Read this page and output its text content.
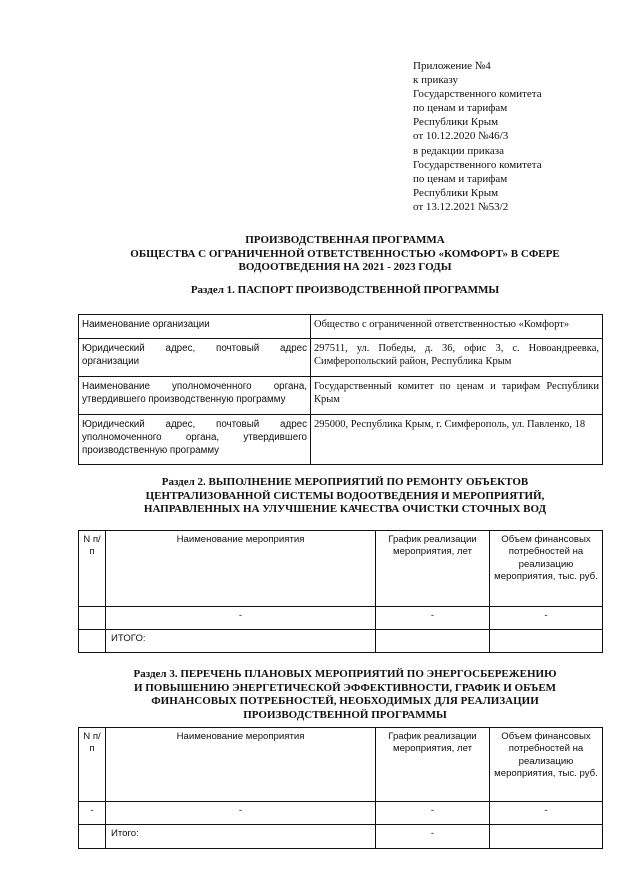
Приложение №4
к приказу
Государственного комитета
по ценам и тарифам
Республики Крым
от 10.12.2020 №46/3
в редакции приказа
Государственного комитета
по ценам и тарифам
Республики Крым
от 13.12.2021 №53/2
ПРОИЗВОДСТВЕННАЯ ПРОГРАММА
ОБЩЕСТВА С ОГРАНИЧЕННОЙ ОТВЕТСТВЕННОСТЬЮ «КОМФОРТ» В СФЕРЕ
ВОДООТВЕДЕНИЯ НА 2021 - 2023 ГОДЫ
Раздел 1. ПАСПОРТ ПРОИЗВОДСТВЕННОЙ ПРОГРАММЫ
Наименование организации	Общество с ограниченной ответственностью «Комфорт»
Юридический адрес, почтовый адрес организации	297511, ул. Победы, д. 36, офис 3, с. Новоандреевка, Симферопольский район, Республика Крым
Наименование уполномоченного органа, утвердившего производственную программу	Государственный комитет по ценам и тарифам Республики Крым
Юридический адрес, почтовый адрес уполномоченного органа, утвердившего производственную программу	295000, Республика Крым, г. Симферополь, ул. Павленко, 18
Раздел 2. ВЫПОЛНЕНИЕ МЕРОПРИЯТИЙ ПО РЕМОНТУ ОБЪЕКТОВ
ЦЕНТРАЛИЗОВАННОЙ СИСТЕМЫ ВОДООТВЕДЕНИЯ И МЕРОПРИЯТИЙ,
НАПРАВЛЕННЫХ НА УЛУЧШЕНИЕ КАЧЕСТВА ОЧИСТКИ СТОЧНЫХ ВОД
N п/п	Наименование мероприятия	График реализации мероприятия, лет	Объем финансовых потребностей на реализацию мероприятия, тыс. руб.
	-	-	-
	ИТОГО:		
Раздел 3. ПЕРЕЧЕНЬ ПЛАНОВЫХ МЕРОПРИЯТИЙ ПО ЭНЕРГОСБЕРЕЖЕНИЮ
И ПОВЫШЕНИЮ ЭНЕРГЕТИЧЕСКОЙ ЭФФЕКТИВНОСТИ, ГРАФИК И ОБЪЕМ
ФИНАНСОВЫХ ПОТРЕБНОСТЕЙ, НЕОБХОДИМЫХ ДЛЯ РЕАЛИЗАЦИИ
ПРОИЗВОДСТВЕННОЙ ПРОГРАММЫ
N п/п	Наименование мероприятия	График реализации мероприятия, лет	Объем финансовых потребностей на реализацию мероприятия, тыс. руб.
-	-	-	-
	Итого:	-	
